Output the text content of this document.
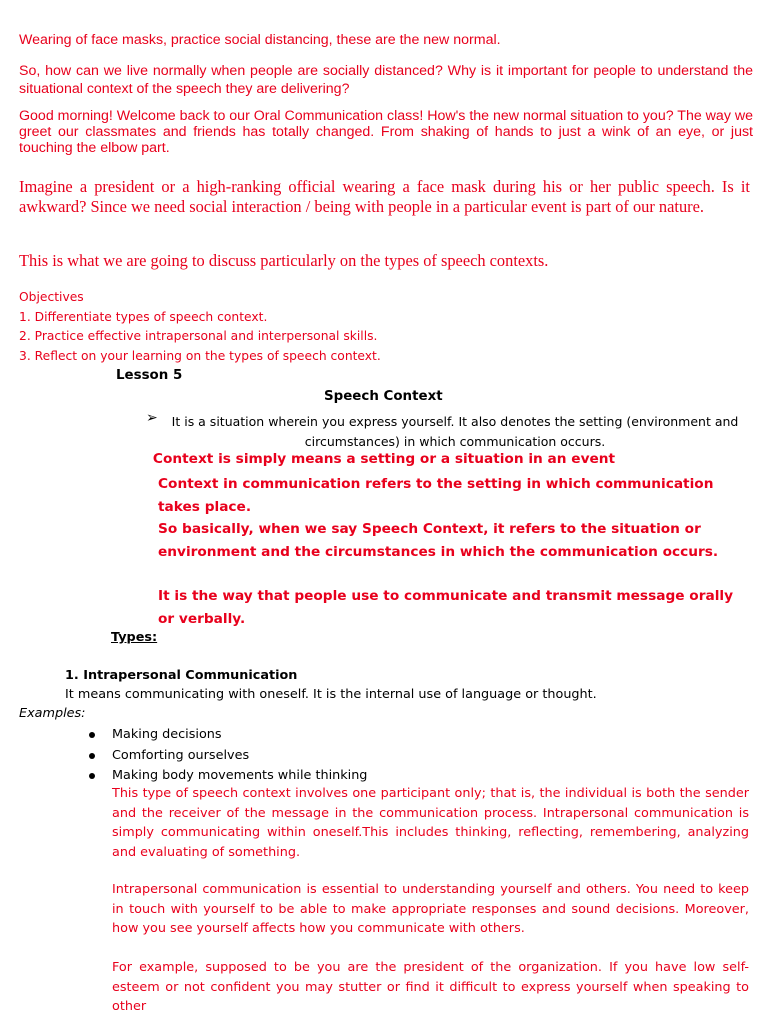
Wearing of face masks, practice social distancing, these are the new normal.

So, how can we live normally when people are socially distanced? Why is it important for people to understand the situational context of the speech they are delivering?

Good morning! Welcome back to our Oral Communication class! How's the new normal situation to you? The way we greet our classmates and friends has totally changed. From shaking of hands to just a wink of an eye, or just touching the elbow part.

Imagine a president or a high-ranking official wearing a face mask during his or her public speech. Is it awkward? Since we need social interaction / being with people in a particular event is part of our nature.

This is what we are going to discuss particularly on the types of speech contexts.

Objectives
1. Differentiate types of speech context.
2. Practice effective intrapersonal and interpersonal skills.
3. Reflect on your learning on the types of speech context.
Lesson 5
Speech Context
➢ It is a situation wherein you express yourself. It also denotes the setting (environment and circumstances) in which communication occurs.
Context is simply means a setting or a situation in an event
Context in communication refers to the setting in which communication takes place.
So basically, when we say Speech Context, it refers to the situation or environment and the circumstances in which the communication occurs.
It is the way that people use to communicate and transmit message orally or verbally.
Types:
1. Intrapersonal Communication
It means communicating with oneself. It is the internal use of language or thought.
Examples:
Making decisions
Comforting ourselves
Making body movements while thinking

This type of speech context involves one participant only; that is, the individual is both the sender and the receiver of the message in the communication process. Intrapersonal communication is simply communicating within oneself.This includes thinking, reflecting, remembering, analyzing and evaluating of something.

Intrapersonal communication is essential to understanding yourself and others. You need to keep in touch with yourself to be able to make appropriate responses and sound decisions. Moreover, how you see yourself affects how you communicate with others.

For example, supposed to be you are the president of the organization. If you have low self- esteem or not confident you may stutter or find it difficult to express yourself when speaking to other
